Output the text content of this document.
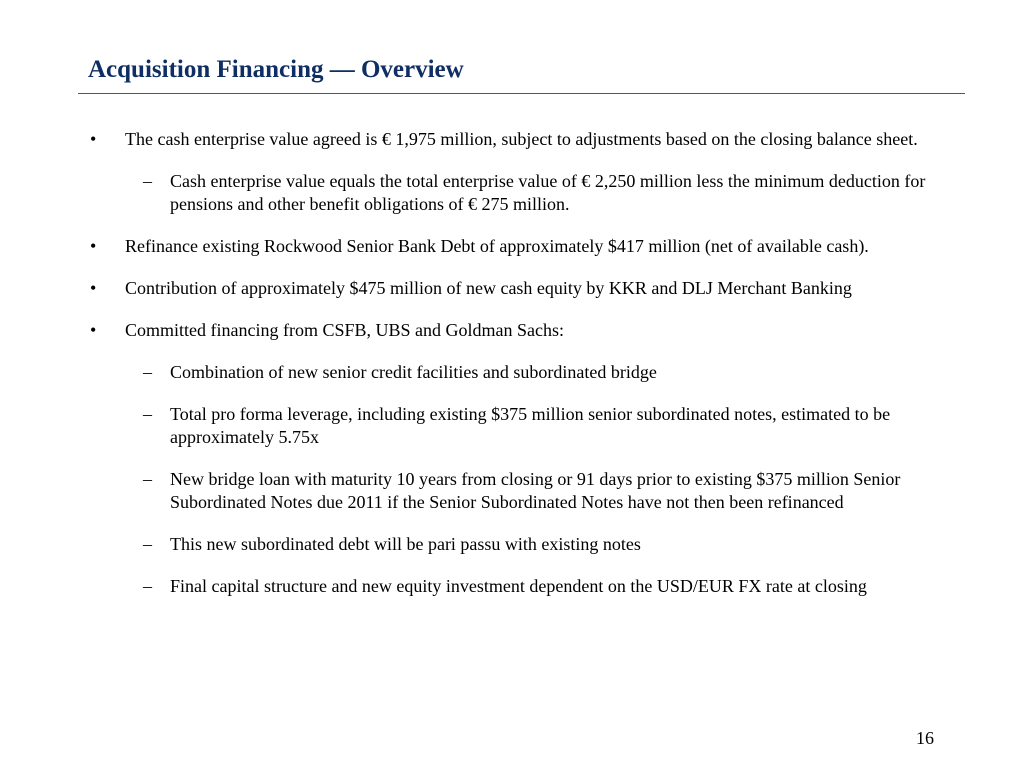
Acquisition Financing — Overview
• The cash enterprise value agreed is € 1,975 million, subject to adjustments based on the closing balance sheet.
– Cash enterprise value equals the total enterprise value of € 2,250 million less the minimum deduction for pensions and other benefit obligations of € 275 million.
• Refinance existing Rockwood Senior Bank Debt of approximately $417 million (net of available cash).
• Contribution of approximately $475 million of new cash equity by KKR and DLJ Merchant Banking
• Committed financing from CSFB, UBS and Goldman Sachs:
– Combination of new senior credit facilities and subordinated bridge
– Total pro forma leverage, including existing $375 million senior subordinated notes, estimated to be approximately 5.75x
– New bridge loan with maturity 10 years from closing or 91 days prior to existing $375 million Senior Subordinated Notes due 2011 if the Senior Subordinated Notes have not then been refinanced
– This new subordinated debt will be pari passu with existing notes
– Final capital structure and new equity investment dependent on the USD/EUR FX rate at closing
16
